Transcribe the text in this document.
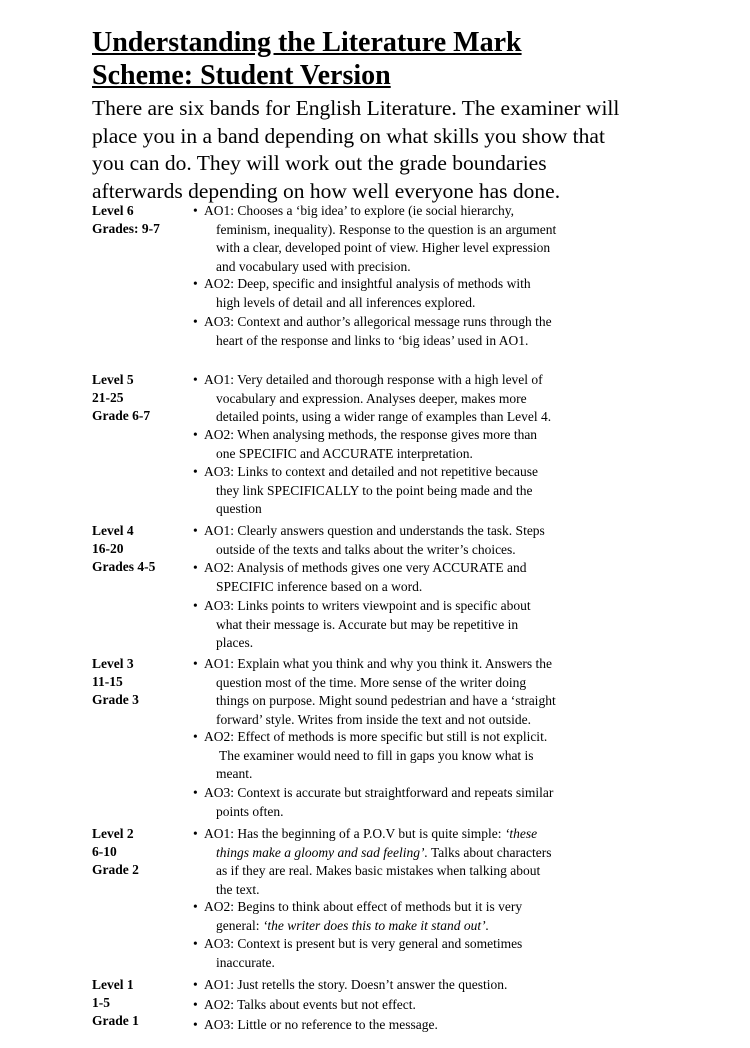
Understanding the Literature Mark
Scheme: Student Version
There are six bands for English Literature. The examiner will
place you in a band depending on what skills you show that
you can do. They will work out the grade boundaries
afterwards depending on how well everyone has done.
Level 6
Grades: 9-7
• AO1: Chooses a ‘big idea’ to explore (ie social hierarchy,
feminism, inequality). Response to the question is an argument
with a clear, developed point of view. Higher level expression
and vocabulary used with precision.
• AO2: Deep, specific and insightful analysis of methods with
high levels of detail and all inferences explored.
• AO3: Context and author’s allegorical message runs through the
heart of the response and links to ‘big ideas’ used in AO1.
Level 5
21-25
Grade 6-7
• AO1: Very detailed and thorough response with a high level of
vocabulary and expression. Analyses deeper, makes more
detailed points, using a wider range of examples than Level 4.
• AO2: When analysing methods, the response gives more than
one SPECIFIC and ACCURATE interpretation.
• AO3: Links to context and detailed and not repetitive because
they link SPECIFICALLY to the point being made and the
question
Level 4
16-20
Grades 4-5
• AO1: Clearly answers question and understands the task. Steps
outside of the texts and talks about the writer’s choices.
• AO2: Analysis of methods gives one very ACCURATE and
SPECIFIC inference based on a word.
• AO3: Links points to writers viewpoint and is specific about
what their message is. Accurate but may be repetitive in
places.
Level 3
11-15
Grade 3
• AO1: Explain what you think and why you think it. Answers the
question most of the time. More sense of the writer doing
things on purpose. Might sound pedestrian and have a ‘straight
forward’ style. Writes from inside the text and not outside.
• AO2: Effect of methods is more specific but still is not explicit.
The examiner would need to fill in gaps you know what is
meant.
• AO3: Context is accurate but straightforward and repeats similar
points often.
Level 2
6-10
Grade 2
• AO1: Has the beginning of a P.O.V but is quite simple: ‘these
things make a gloomy and sad feeling’. Talks about characters
as if they are real. Makes basic mistakes when talking about
the text.
• AO2: Begins to think about effect of methods but it is very
general: ‘the writer does this to make it stand out’.
• AO3: Context is present but is very general and sometimes
inaccurate.
Level 1
1-5
Grade 1
• AO1: Just retells the story. Doesn’t answer the question.
• AO2: Talks about events but not effect.
• AO3: Little or no reference to the message.
